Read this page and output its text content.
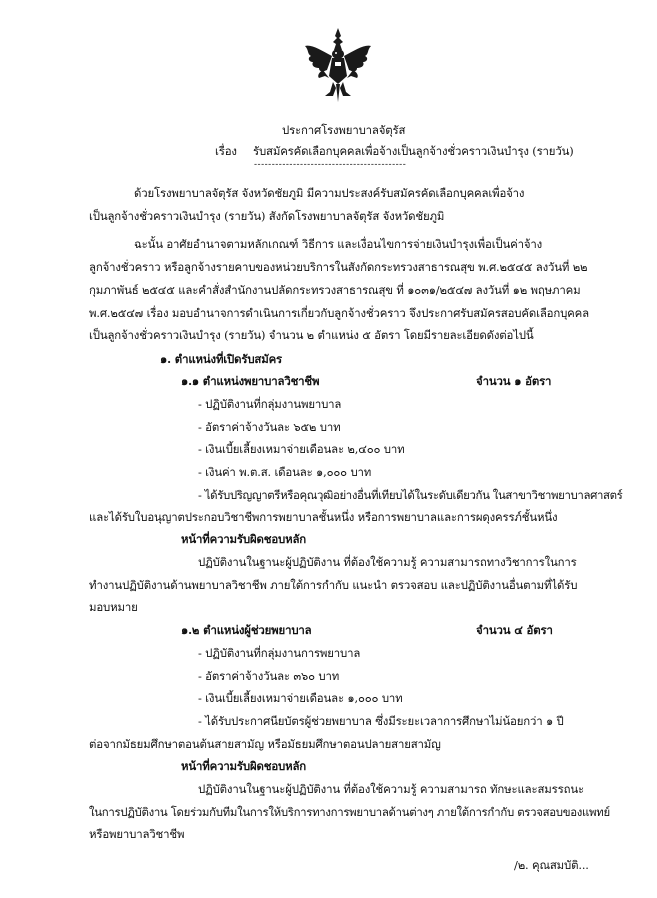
ประกาศโรงพยาบาลจัตุรัส
เรื่อง รับสมัครคัดเลือกบุคคลเพื่อจ้างเป็นลูกจ้างชั่วคราวเงินบำรุง (รายวัน)
-------------------------------------------
ด้วยโรงพยาบาลจัตุรัส จังหวัดชัยภูมิ มีความประสงค์รับสมัครคัดเลือกบุคคลเพื่อจ้าง
เป็นลูกจ้างชั่วคราวเงินบำรุง (รายวัน) สังกัดโรงพยาบาลจัตุรัส จังหวัดชัยภูมิ
ฉะนั้น อาศัยอำนาจตามหลักเกณฑ์ วิธีการ และเงื่อนไขการจ่ายเงินบำรุงเพื่อเป็นค่าจ้าง
ลูกจ้างชั่วคราว หรือลูกจ้างรายคาบของหน่วยบริการในสังกัดกระทรวงสาธารณสุข พ.ศ.๒๕๔๕ ลงวันที่ ๒๒
กุมภาพันธ์ ๒๕๔๕ และคำสั่งสำนักงานปลัดกระทรวงสาธารณสุข ที่ ๑๐๓๑/๒๕๔๗ ลงวันที่ ๑๒ พฤษภาคม
พ.ศ.๒๕๔๗ เรื่อง มอบอำนาจการดำเนินการเกี่ยวกับลูกจ้างชั่วคราว จึงประกาศรับสมัครสอบคัดเลือกบุคคล
เป็นลูกจ้างชั่วคราวเงินบำรุง (รายวัน) จำนวน ๒ ตำแหน่ง ๕ อัตรา โดยมีรายละเอียดดังต่อไปนี้
๑. ตำแหน่งที่เปิดรับสมัคร
๑.๑ ตำแหน่งพยาบาลวิชาชีพ	จำนวน ๑ อัตรา
- ปฏิบัติงานที่กลุ่มงานพยาบาล
- อัตราค่าจ้างวันละ ๖๕๒ บาท
- เงินเบี้ยเลี้ยงเหมาจ่ายเดือนละ ๒,๔๐๐ บาท
- เงินค่า พ.ต.ส. เดือนละ ๑,๐๐๐ บาท
- ได้รับปริญญาตรีหรือคุณวุฒิอย่างอื่นที่เทียบได้ในระดับเดียวกัน ในสาขาวิชาพยาบาลศาสตร์
และได้รับใบอนุญาตประกอบวิชาชีพการพยาบาลชั้นหนึ่ง หรือการพยาบาลและการผดุงครรภ์ชั้นหนึ่ง
หน้าที่ความรับผิดชอบหลัก
ปฏิบัติงานในฐานะผู้ปฏิบัติงาน ที่ต้องใช้ความรู้ ความสามารถทางวิชาการในการ
ทำงานปฏิบัติงานด้านพยาบาลวิชาชีพ ภายใต้การกำกับ แนะนำ ตรวจสอบ และปฏิบัติงานอื่นตามที่ได้รับ
มอบหมาย
๑.๒ ตำแหน่งผู้ช่วยพยาบาล	จำนวน ๔ อัตรา
- ปฏิบัติงานที่กลุ่มงานการพยาบาล
- อัตราค่าจ้างวันละ ๓๖๐ บาท
- เงินเบี้ยเลี้ยงเหมาจ่ายเดือนละ ๑,๐๐๐ บาท
- ได้รับประกาศนียบัตรผู้ช่วยพยาบาล ซึ่งมีระยะเวลาการศึกษาไม่น้อยกว่า ๑ ปี
ต่อจากมัธยมศึกษาตอนต้นสายสามัญ หรือมัธยมศึกษาตอนปลายสายสามัญ
หน้าที่ความรับผิดชอบหลัก
ปฏิบัติงานในฐานะผู้ปฏิบัติงาน ที่ต้องใช้ความรู้ ความสามารถ ทักษะและสมรรถนะ
ในการปฏิบัติงาน โดยร่วมกับทีมในการให้บริการทางการพยาบาลด้านต่างๆ ภายใต้การกำกับ ตรวจสอบของแพทย์
หรือพยาบาลวิชาชีพ
/๒. คุณสมบัติ...
